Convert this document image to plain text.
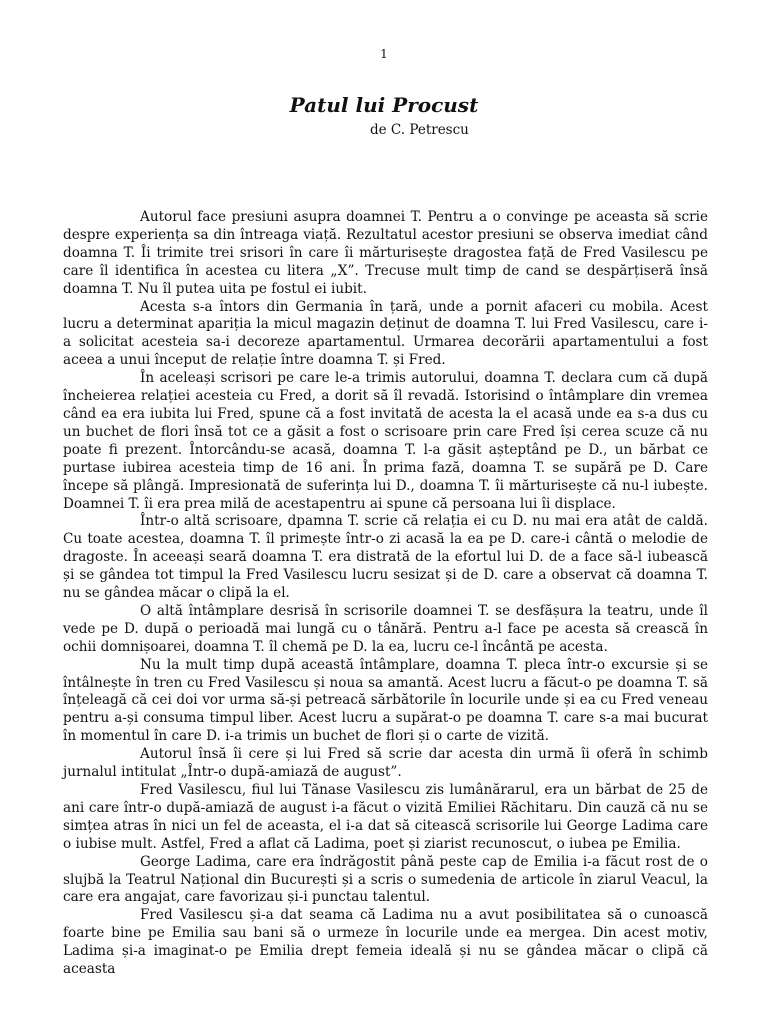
1
Patul lui Procust
de C. Petrescu

Autorul face presiuni asupra doamnei T. Pentru a o convinge pe aceasta să scrie despre experiența sa din întreaga viață. Rezultatul acestor presiuni se observa imediat când doamna T. Îi trimite trei srisori în care îi mărturisește dragostea față de Fred Vasilescu pe care îl identifica în acestea cu litera „X”. Trecuse mult timp de cand se despărțiseră însă doamna T. Nu îl putea uita pe fostul ei iubit.

Acesta s-a întors din Germania în țară, unde a pornit afaceri cu mobila. Acest lucru a determinat apariția la micul magazin deținut de doamna T. lui Fred Vasilescu, care i-a solicitat acesteia sa-i decoreze apartamentul. Urmarea decorării apartamentului a fost aceea a unui început de relație între doamna T. și Fred.

În aceleași scrisori pe care le-a trimis autorului, doamna T. declara cum că după încheierea relației acesteia cu Fred, a dorit să îl revadă. Istorisind o întâmplare din vremea când ea era iubita lui Fred, spune că a fost invitată de acesta la el acasă unde ea s-a dus cu un buchet de flori însă tot ce a găsit a fost o scrisoare prin care Fred își cerea scuze că nu poate fi prezent. Întorcându-se acasă, doamna T. l-a găsit așteptând pe D., un bărbat ce purtase iubirea acesteia timp de 16 ani. În prima fază, doamna T. se supără pe D. Care începe să plângă. Impresionată de suferința lui D., doamna T. îi mărturisește că nu-l iubește. Doamnei T. îi era prea milă de acestapentru ai spune că persoana lui îi displace.

Într-o altă scrisoare, dpamna T. scrie că relația ei cu D. nu mai era atât de caldă. Cu toate acestea, doamna T. îl primește într-o zi acasă la ea pe D. care-i cântă o melodie de dragoste. În aceeași seară doamna T. era distrată de la efortul lui D. de a face să-l iubească și se gândea tot timpul la Fred Vasilescu lucru sesizat și de D. care a observat că doamna T. nu se gândea măcar o clipă la el.

O altă întâmplare desrisă în scrisorile doamnei T. se desfășura la teatru, unde îl vede pe D. după o perioadă mai lungă cu o tânără. Pentru a-l face pe acesta să crească în ochii domnișoarei, doamna T. îl chemă pe D. la ea, lucru ce-l încântă pe acesta.

Nu la mult timp după această întâmplare, doamna T. pleca într-o excursie și se întâlnește în tren cu Fred Vasilescu și noua sa amantă. Acest lucru a făcut-o pe doamna T. să înțeleagă că cei doi vor urma să-și petreacă sărbătorile în locurile unde și ea cu Fred veneau pentru a-și consuma timpul liber. Acest lucru a supărat-o pe doamna T. care s-a mai bucurat în momentul în care D. i-a trimis un buchet de flori și o carte de vizită.

Autorul însă îi cere și lui Fred să scrie dar acesta din urmă îi oferă în schimb jurnalul intitulat „Într-o după-amiază de august”.

Fred Vasilescu, fiul lui Tănase Vasilescu zis lumânărarul, era un bărbat de 25 de ani care într-o după-amiază de august i-a făcut o vizită Emiliei Răchitaru. Din cauză că nu se simțea atras în nici un fel de aceasta, el i-a dat să citească scrisorile lui George Ladima care o iubise mult. Astfel, Fred a aflat că Ladima, poet și ziarist recunoscut, o iubea pe Emilia.

George Ladima, care era îndrăgostit până peste cap de Emilia i-a făcut rost de o slujbă la Teatrul Național din București și a scris o sumedenia de articole în ziarul Veacul, la care era angajat, care favorizau și-i punctau talentul.

Fred Vasilescu și-a dat seama că Ladima nu a avut posibilitatea să o cunoască foarte bine pe Emilia sau bani să o urmeze în locurile unde ea mergea. Din acest motiv, Ladima și-a imaginat-o pe Emilia drept femeia ideală și nu se gândea măcar o clipă că aceasta
